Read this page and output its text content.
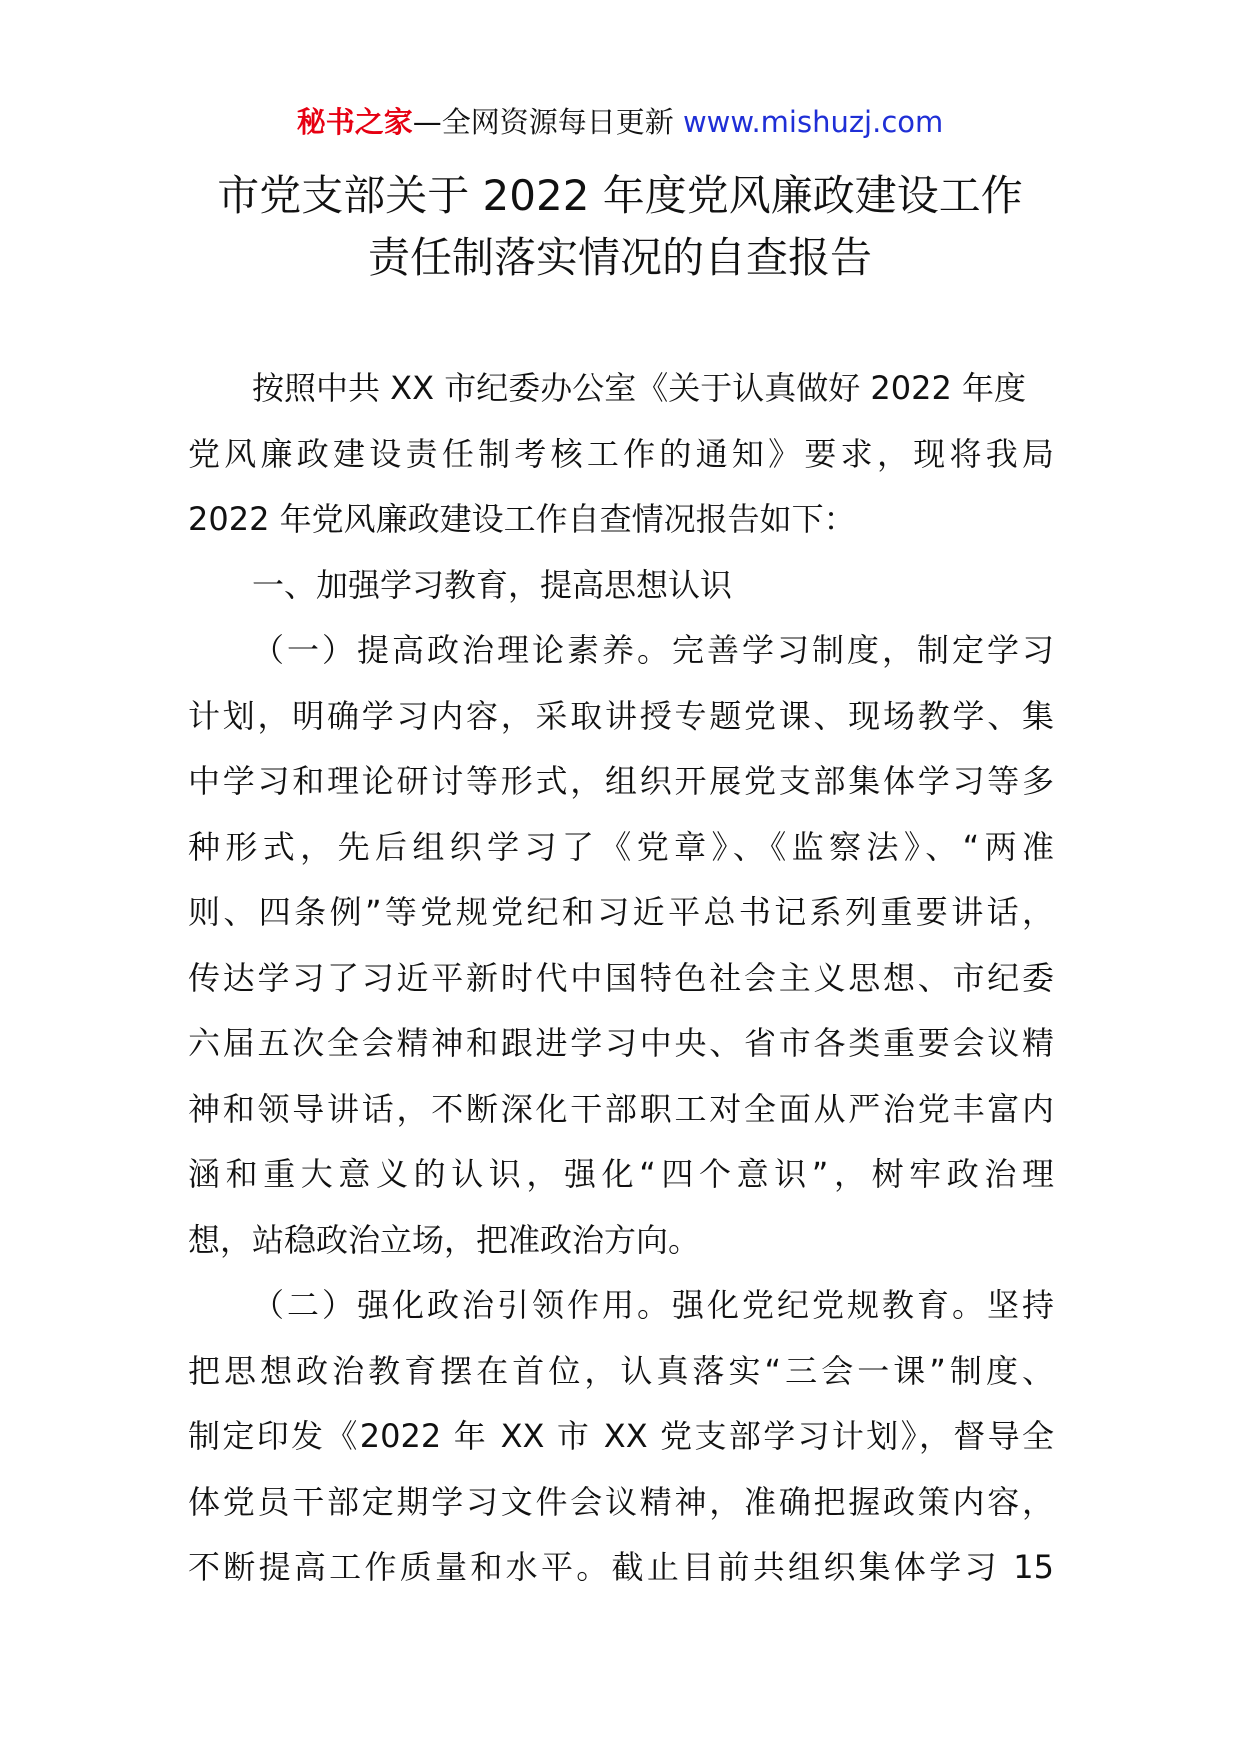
秘书之家—全网资源每日更新 www.mishuzj.com
市党支部关于 2022 年度党风廉政建设工作
责任制落实情况的自查报告
按照中共 XX 市纪委办公室《关于认真做好 2022 年度
党风廉政建设责任制考核工作的通知》要求，现将我局
2022 年党风廉政建设工作自查情况报告如下：
一、加强学习教育，提高思想认识
（一）提高政治理论素养。完善学习制度，制定学习
计划，明确学习内容，采取讲授专题党课、现场教学、集
中学习和理论研讨等形式，组织开展党支部集体学习等多
种形式，先后组织学习了《党章》、《监察法》、“两准
则、四条例”等党规党纪和习近平总书记系列重要讲话，
传达学习了习近平新时代中国特色社会主义思想、市纪委
六届五次全会精神和跟进学习中央、省市各类重要会议精
神和领导讲话，不断深化干部职工对全面从严治党丰富内
涵和重大意义的认识，强化“四个意识”，树牢政治理
想，站稳政治立场，把准政治方向。
（二）强化政治引领作用。强化党纪党规教育。坚持
把思想政治教育摆在首位，认真落实“三会一课”制度、
制定印发《2022 年 XX 市 XX 党支部学习计划》，督导全
体党员干部定期学习文件会议精神，准确把握政策内容，
不断提高工作质量和水平。截止目前共组织集体学习 15
